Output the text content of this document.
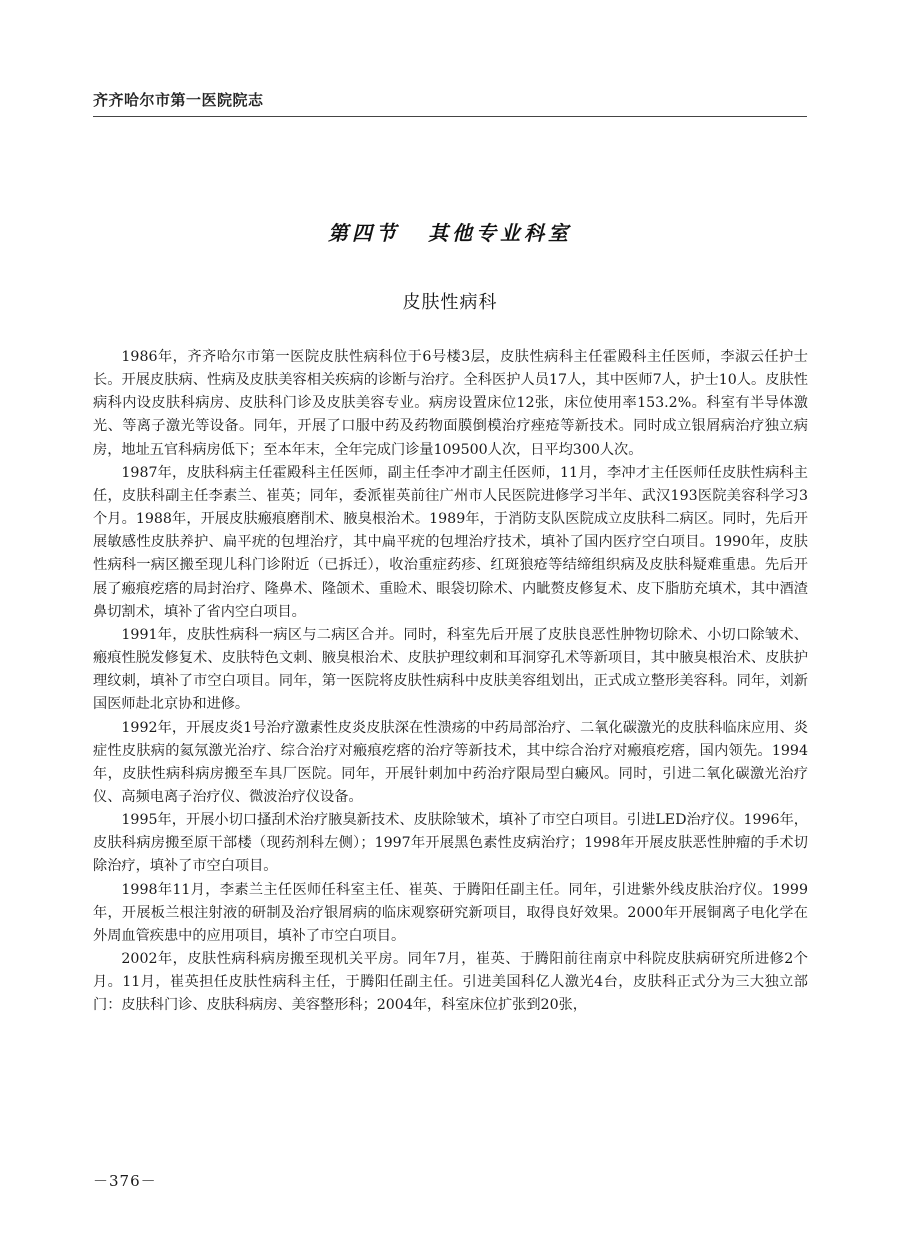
齐齐哈尔市第一医院院志
第四节 其他专业科室
皮肤性病科

1986年，齐齐哈尔市第一医院皮肤性病科位于6号楼3层，皮肤性病科主任霍殿科主任医师，李淑云任护士长。开展皮肤病、性病及皮肤美容相关疾病的诊断与治疗。全科医护人员17人，其中医师7人，护士10人。皮肤性病科内设皮肤科病房、皮肤科门诊及皮肤美容专业。病房设置床位12张，床位使用率153.2%。科室有半导体激光、等离子激光等设备。同年，开展了口服中药及药物面膜倒模治疗痤疮等新技术。同时成立银屑病治疗独立病房，地址五官科病房低下；至本年末，全年完成门诊量109500人次，日平均300人次。

1987年，皮肤科病主任霍殿科主任医师，副主任李冲才副主任医师，11月，李冲才主任医师任皮肤性病科主任，皮肤科副主任李素兰、崔英；同年，委派崔英前往广州市人民医院进修学习半年、武汉193医院美容科学习3个月。1988年，开展皮肤瘢痕磨削术、腋臭根治术。1989年，于消防支队医院成立皮肤科二病区。同时，先后开展敏感性皮肤养护、扁平疣的包埋治疗，其中扁平疣的包埋治疗技术，填补了国内医疗空白项目。1990年，皮肤性病科一病区搬至现儿科门诊附近（已拆迁），收治重症药疹、红斑狼疮等结缔组织病及皮肤科疑难重患。先后开展了瘢痕疙瘩的局封治疗、隆鼻术、隆颌术、重睑术、眼袋切除术、内眦赘皮修复术、皮下脂肪充填术，其中酒渣鼻切割术，填补了省内空白项目。

1991年，皮肤性病科一病区与二病区合并。同时，科室先后开展了皮肤良恶性肿物切除术、小切口除皱术、瘢痕性脱发修复术、皮肤特色文刺、腋臭根治术、皮肤护理纹刺和耳洞穿孔术等新项目，其中腋臭根治术、皮肤护理纹刺，填补了市空白项目。同年，第一医院将皮肤性病科中皮肤美容组划出，正式成立整形美容科。同年，刘新国医师赴北京协和进修。

1992年，开展皮炎1号治疗激素性皮炎皮肤深在性溃疡的中药局部治疗、二氧化碳激光的皮肤科临床应用、炎症性皮肤病的氦氖激光治疗、综合治疗对瘢痕疙瘩的治疗等新技术，其中综合治疗对瘢痕疙瘩，国内领先。1994年，皮肤性病科病房搬至车具厂医院。同年，开展针刺加中药治疗限局型白癜风。同时，引进二氧化碳激光治疗仪、高频电离子治疗仪、微波治疗仪设备。

1995年，开展小切口搔刮术治疗腋臭新技术、皮肤除皱术，填补了市空白项目。引进LED治疗仪。1996年，皮肤科病房搬至原干部楼（现药剂科左侧）；1997年开展黑色素性皮病治疗；1998年开展皮肤恶性肿瘤的手术切除治疗，填补了市空白项目。

1998年11月，李素兰主任医师任科室主任、崔英、于腾阳任副主任。同年，引进紫外线皮肤治疗仪。1999年，开展板兰根注射液的研制及治疗银屑病的临床观察研究新项目，取得良好效果。2000年开展铜离子电化学在外周血管疾患中的应用项目，填补了市空白项目。

2002年，皮肤性病科病房搬至现机关平房。同年7月，崔英、于腾阳前往南京中科院皮肤病研究所进修2个月。11月，崔英担任皮肤性病科主任，于腾阳任副主任。引进美国科亿人激光4台，皮肤科正式分为三大独立部门：皮肤科门诊、皮肤科病房、美容整形科；2004年，科室床位扩张到20张，

－376－
